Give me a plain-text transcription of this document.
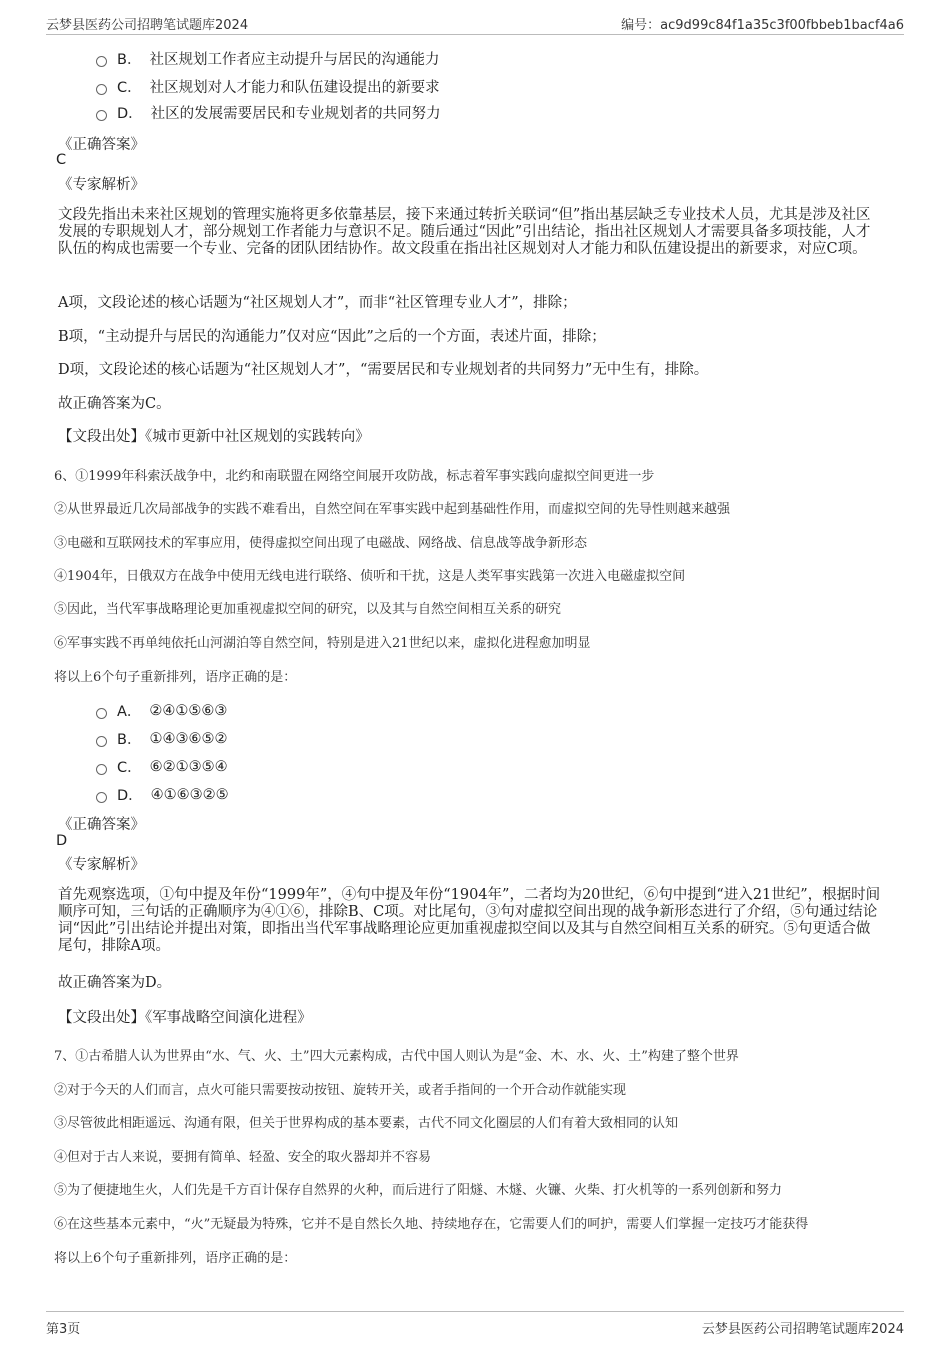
云梦县医药公司招聘笔试题库2024	编号：ac9d99c84f1a35c3f00fbbeb1bacf4a6
B． 社区规划工作者应主动提升与居民的沟通能力
C． 社区规划对人才能力和队伍建设提出的新要求
D． 社区的发展需要居民和专业规划者的共同努力
《正确答案》
C
《专家解析》
文段先指出未来社区规划的管理实施将更多依靠基层，接下来通过转折关联词“但”指出基层缺乏专业技术人员，尤其是涉及社区发展的专职规划人才，部分规划工作者能力与意识不足。随后通过“因此”引出结论，指出社区规划人才需要具备多项技能，人才队伍的构成也需要一个专业、完备的团队团结协作。故文段重在指出社区规划对人才能力和队伍建设提出的新要求，对应C项。
A项，文段论述的核心话题为“社区规划人才”，而非“社区管理专业人才”，排除；
B项，“主动提升与居民的沟通能力”仅对应“因此”之后的一个方面，表述片面，排除；
D项，文段论述的核心话题为“社区规划人才”，“需要居民和专业规划者的共同努力”无中生有，排除。
故正确答案为C。
【文段出处】《城市更新中社区规划的实践转向》
6、①1999年科索沃战争中，北约和南联盟在网络空间展开攻防战，标志着军事实践向虚拟空间更进一步
②从世界最近几次局部战争的实践不难看出，自然空间在军事实践中起到基础性作用，而虚拟空间的先导性则越来越强
③电磁和互联网技术的军事应用，使得虚拟空间出现了电磁战、网络战、信息战等战争新形态
④1904年，日俄双方在战争中使用无线电进行联络、侦听和干扰，这是人类军事实践第一次进入电磁虚拟空间
⑤因此，当代军事战略理论更加重视虚拟空间的研究，以及其与自然空间相互关系的研究
⑥军事实践不再单纯依托山河湖泊等自然空间，特别是进入21世纪以来，虚拟化进程愈加明显
将以上6个句子重新排列，语序正确的是：
A． ②④①⑤⑥③
B． ①④③⑥⑤②
C． ⑥②①③⑤④
D． ④①⑥③②⑤
《正确答案》
D
《专家解析》
首先观察选项，①句中提及年份“1999年”，④句中提及年份“1904年”，二者均为20世纪，⑥句中提到“进入21世纪”，根据时间顺序可知，三句话的正确顺序为④①⑥，排除B、C项。对比尾句，③句对虚拟空间出现的战争新形态进行了介绍，⑤句通过结论词“因此”引出结论并提出对策，即指出当代军事战略理论应更加重视虚拟空间以及其与自然空间相互关系的研究。⑤句更适合做尾句，排除A项。
故正确答案为D。
【文段出处】《军事战略空间演化进程》
7、①古希腊人认为世界由“水、气、火、土”四大元素构成，古代中国人则认为是“金、木、水、火、土”构建了整个世界
②对于今天的人们而言，点火可能只需要按动按钮、旋转开关，或者手指间的一个开合动作就能实现
③尽管彼此相距遥远、沟通有限，但关于世界构成的基本要素，古代不同文化圈层的人们有着大致相同的认知
④但对于古人来说，要拥有简单、轻盈、安全的取火器却并不容易
⑤为了便捷地生火，人们先是千方百计保存自然界的火种，而后进行了阳燧、木燧、火镰、火柴、打火机等的一系列创新和努力
⑥在这些基本元素中，“火”无疑最为特殊，它并不是自然长久地、持续地存在，它需要人们的呵护，需要人们掌握一定技巧才能获得
将以上6个句子重新排列，语序正确的是：
第3页	云梦县医药公司招聘笔试题库2024
